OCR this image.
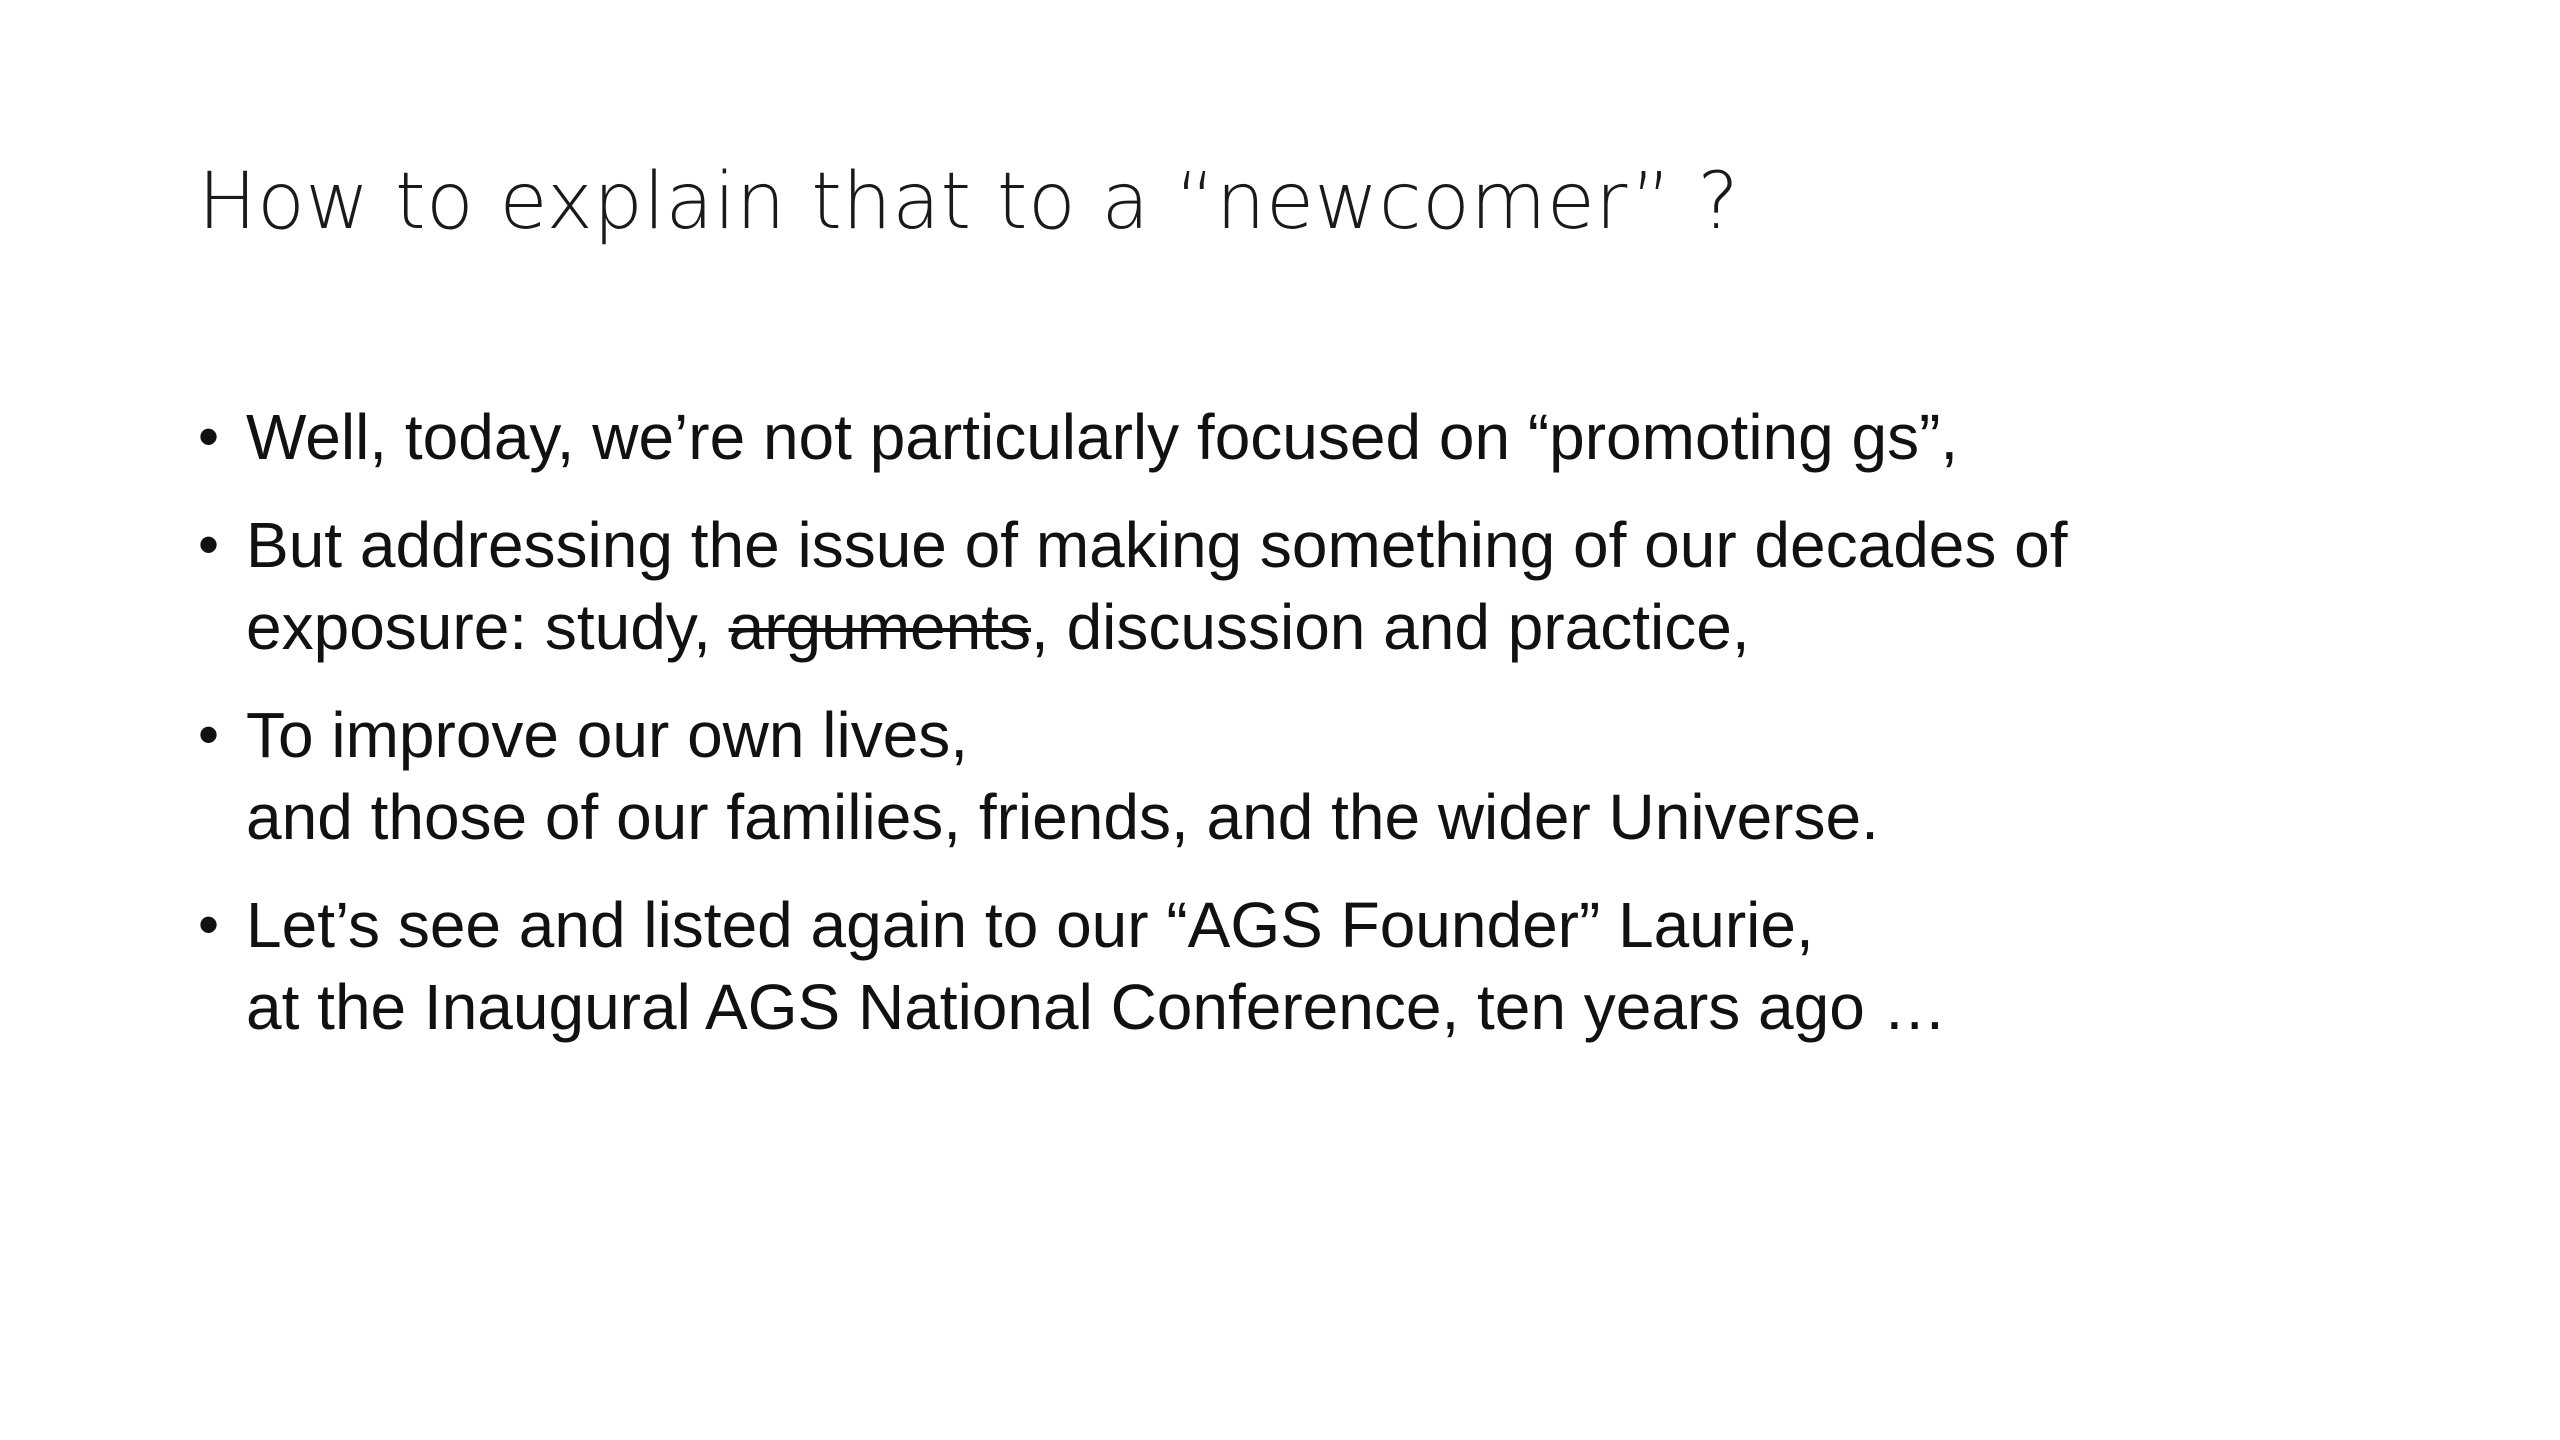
How to explain that to a “newcomer” ?
• Well, today, we’re not particularly focused on “promoting gs”,
• But addressing the issue of making something of our decades of
exposure: study, arguments, discussion and practice,
• To improve our own lives,
and those of our families, friends, and the wider Universe.
• Let’s see and listed again to our “AGS Founder” Laurie,
at the Inaugural AGS National Conference, ten years ago …
